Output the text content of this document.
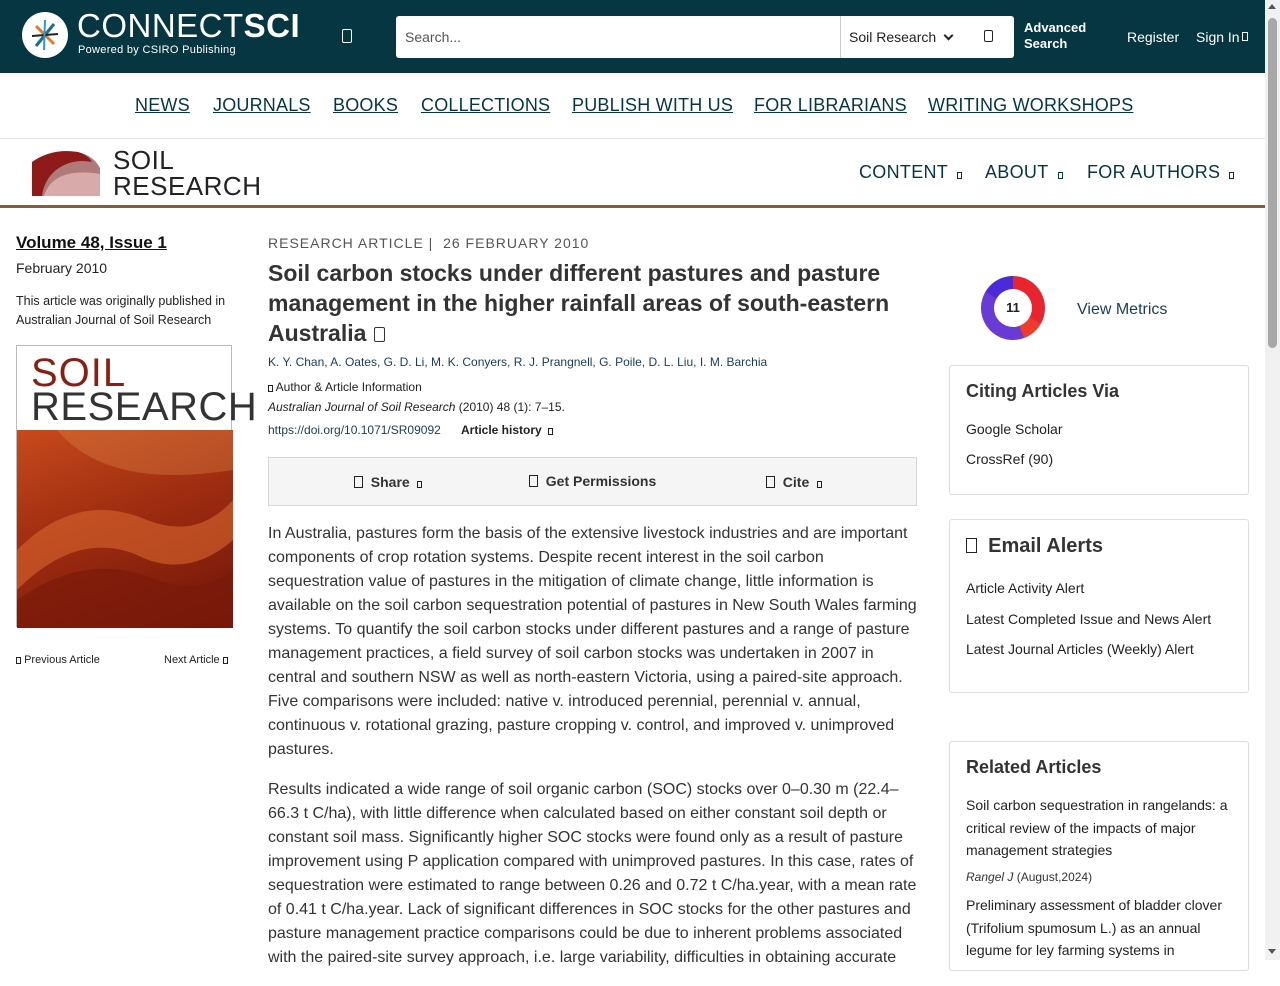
CONNECTSCI
Powered by CSIRO Publishing
Search...
Soil Research
Advanced Search	Register Sign In
NEWS JOURNALS BOOKS COLLECTIONS PUBLISH WITH US FOR LIBRARIANS WRITING WORKSHOPS
SOIL
RESEARCH	CONTENT	ABOUT	FOR AUTHORS
Volume 48, Issue 1
February 2010
This article was originally published in Australian Journal of Soil Research
SOIL
RESEARCH
Previous Article	Next Article
RESEARCH ARTICLE |  26 FEBRUARY 2010
Soil carbon stocks under different pastures and pasture management in the higher rainfall areas of south-eastern Australia
K. Y. Chan, A. Oates, G. D. Li, M. K. Conyers, R. J. Prangnell, G. Poile, D. L. Liu, I. M. Barchia
Author & Article Information
Australian Journal of Soil Research (2010) 48 (1): 7–15.
https://doi.org/10.1071/SR09092 Article history
Share	Get Permissions	Cite

In Australia, pastures form the basis of the extensive livestock industries and are important components of crop rotation systems. Despite recent interest in the soil carbon sequestration value of pastures in the mitigation of climate change, little information is available on the soil carbon sequestration potential of pastures in New South Wales farming systems. To quantify the soil carbon stocks under different pastures and a range of pasture management practices, a field survey of soil carbon stocks was undertaken in 2007 in central and southern NSW as well as north-eastern Victoria, using a paired-site approach. Five comparisons were included: native v. introduced perennial, perennial v. annual, continuous v. rotational grazing, pasture cropping v. control, and improved v. unimproved pastures.

Results indicated a wide range of soil organic carbon (SOC) stocks over 0–0.30 m (22.4–66.3 t C/ha), with little difference when calculated based on either constant soil depth or constant soil mass. Significantly higher SOC stocks were found only as a result of pasture improvement using P application compared with unimproved pastures. In this case, rates of sequestration were estimated to range between 0.26 and 0.72 t C/ha.year, with a mean rate of 0.41 t C/ha.year. Lack of significant differences in SOC stocks for the other pastures and pasture management practice comparisons could be due to inherent problems associated with the paired-site survey approach, i.e. large variability, difficulties in obtaining accurate

11	View Metrics
Citing Articles Via
Google Scholar
CrossRef (90)
Email Alerts
Article Activity Alert
Latest Completed Issue and News Alert
Latest Journal Articles (Weekly) Alert
Related Articles
Soil carbon sequestration in rangelands: a critical review of the impacts of major management strategies
Rangel J (August,2024)
Preliminary assessment of bladder clover (Trifolium spumosum L.) as an annual legume for ley farming systems in
